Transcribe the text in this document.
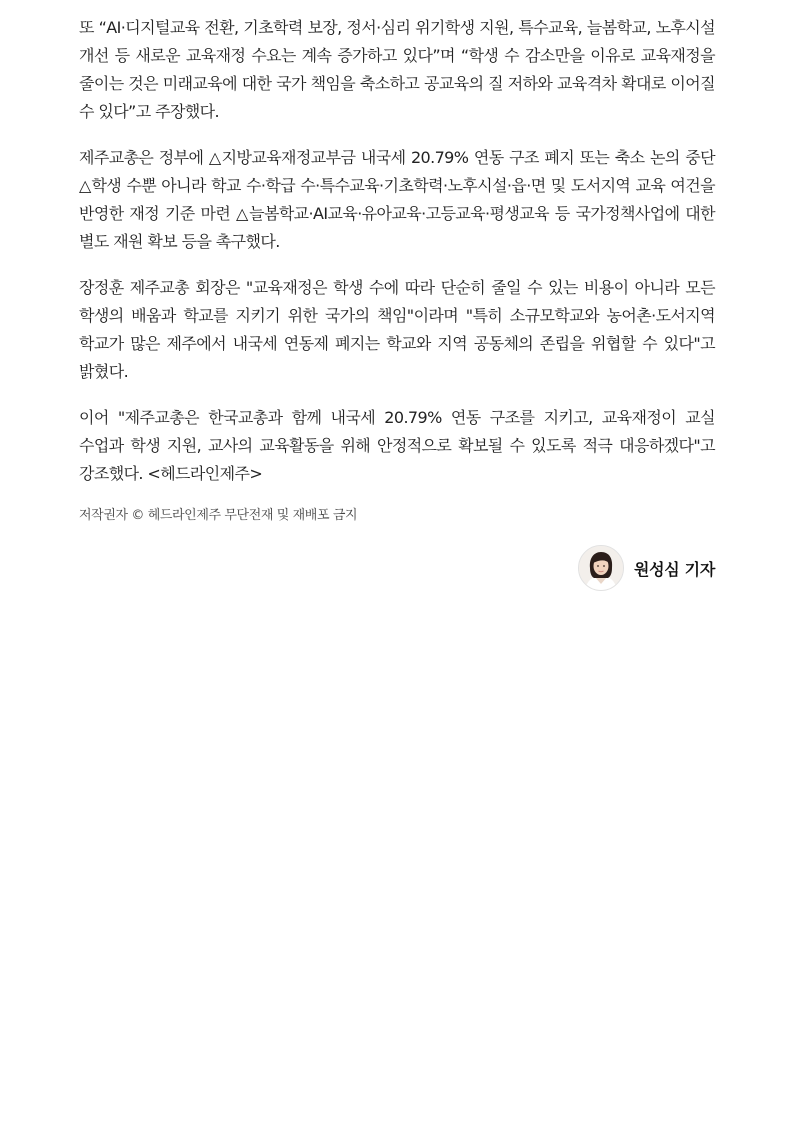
또 “AI·디지털교육 전환, 기초학력 보장, 정서·심리 위기학생 지원, 특수교육, 늘봄학교, 노후시설 개선 등 새로운 교육재정 수요는 계속 증가하고 있다”며 “학생 수 감소만을 이유로 교육재정을 줄이는 것은 미래교육에 대한 국가 책임을 축소하고 공교육의 질 저하와 교육격차 확대로 이어질 수 있다”고 주장했다.

제주교총은 정부에 △지방교육재정교부금 내국세 20.79% 연동 구조 폐지 또는 축소 논의 중단 △학생 수뿐 아니라 학교 수·학급 수·특수교육·기초학력·노후시설·읍·면 및 도서지역 교육 여건을 반영한 재정 기준 마련 △늘봄학교·AI교육·유아교육·고등교육·평생교육 등 국가정책사업에 대한 별도 재원 확보 등을 촉구했다.

장정훈 제주교총 회장은 "교육재정은 학생 수에 따라 단순히 줄일 수 있는 비용이 아니라 모든 학생의 배움과 학교를 지키기 위한 국가의 책임"이라며 "특히 소규모학교와 농어촌·도서지역 학교가 많은 제주에서 내국세 연동제 폐지는 학교와 지역 공동체의 존립을 위협할 수 있다"고 밝혔다.

이어 "제주교총은 한국교총과 함께 내국세 20.79% 연동 구조를 지키고, 교육재정이 교실 수업과 학생 지원, 교사의 교육활동을 위해 안정적으로 확보될 수 있도록 적극 대응하겠다"고 강조했다. <헤드라인제주>

저작권자 © 헤드라인제주 무단전재 및 재배포 금지
원성심 기자
